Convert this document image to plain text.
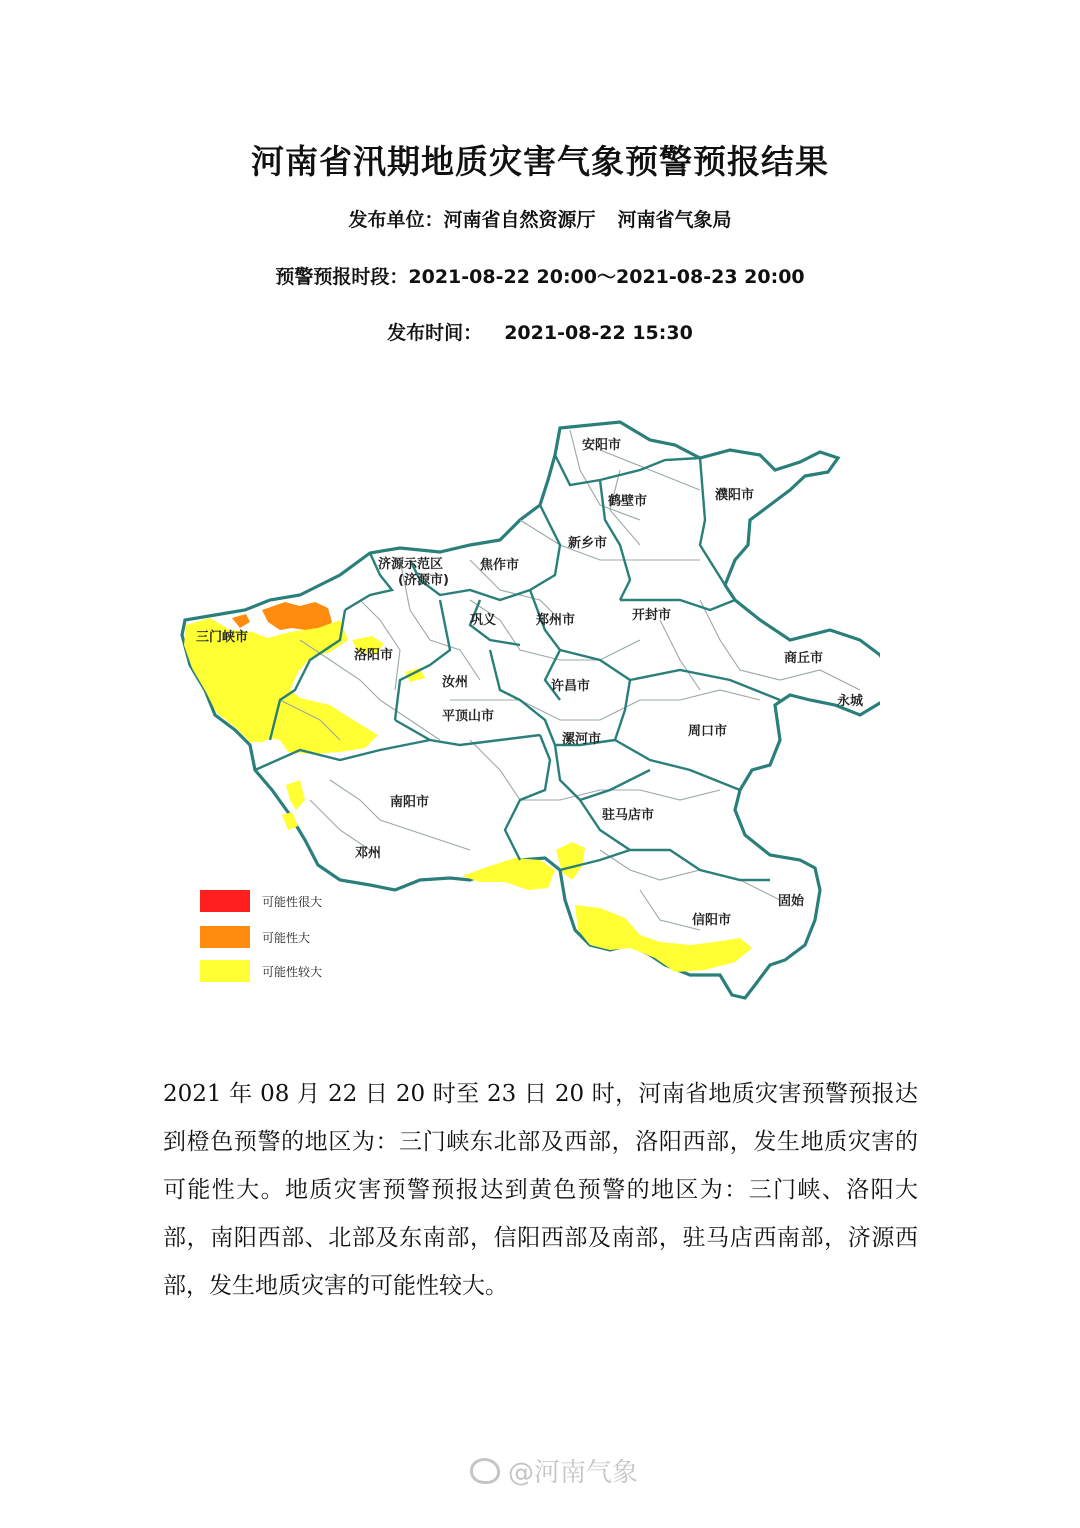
河南省汛期地质灾害气象预警预报结果
发布单位：河南省自然资源厅 河南省气象局
预警预报时段：2021-08-22 20:00～2021-08-23 20:00
发布时间： 2021-08-22 15:30
安阳市
鹤壁市	濮阳市
新乡市
焦作市
济源示范区
(济源市)
三门峡市
洛阳市
巩义	郑州市	开封市
商丘市
永城
汝州	许昌市
平顶山市
漯河市
周口市
南阳市
邓州
驻马店市
信阳市
固始
可能性很大
可能性大
可能性较大
2021 年 08 月 22 日 20 时至 23 日 20 时，河南省地质灾害预警预报达到橙色预警的地区为：三门峡东北部及西部，洛阳西部，发生地质灾害的可能性大。地质灾害预警预报达到黄色预警的地区为：三门峡、洛阳大部，南阳西部、北部及东南部，信阳西部及南部，驻马店西南部，济源西部，发生地质灾害的可能性较大。
@河南气象
